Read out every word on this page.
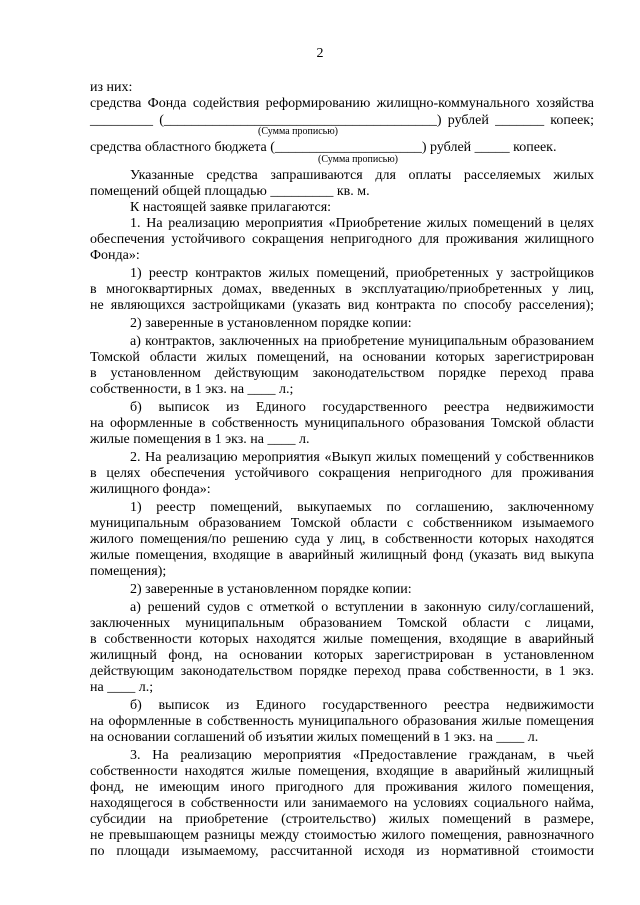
2
из них:
средства Фонда содействия реформированию жилищно-коммунального хозяйства
_________ (_______________________________________) рублей _______ копеек;
(Сумма прописью)
средства областного бюджета (_____________________) рублей _____ копеек.
(Сумма прописью)
Указанные средства запрашиваются для оплаты расселяемых жилых
помещений общей площадью _________ кв. м.
К настоящей заявке прилагаются:
1. На реализацию мероприятия «Приобретение жилых помещений в целях
обеспечения устойчивого сокращения непригодного для проживания жилищного
Фонда»:
1) реестр контрактов жилых помещений, приобретенных у застройщиков
в многоквартирных домах, введенных в эксплуатацию/приобретенных у лиц,
не являющихся застройщиками (указать вид контракта по способу расселения);
2) заверенные в установленном порядке копии:
а) контрактов, заключенных на приобретение муниципальным образованием
Томской области жилых помещений, на основании которых зарегистрирован
в установленном действующим законодательством порядке переход права
собственности, в 1 экз. на ____ л.;
б) выписок из Единого государственного реестра недвижимости
на оформленные в собственность муниципального образования Томской области
жилые помещения в 1 экз. на ____ л.
2. На реализацию мероприятия «Выкуп жилых помещений у собственников
в целях обеспечения устойчивого сокращения непригодного для проживания
жилищного фонда»:
1) реестр помещений, выкупаемых по соглашению, заключенному
муниципальным образованием Томской области с собственником изымаемого
жилого помещения/по решению суда у лиц, в собственности которых находятся
жилые помещения, входящие в аварийный жилищный фонд (указать вид выкупа
помещения);
2) заверенные в установленном порядке копии:
а) решений судов с отметкой о вступлении в законную силу/соглашений,
заключенных муниципальным образованием Томской области с лицами,
в собственности которых находятся жилые помещения, входящие в аварийный
жилищный фонд, на основании которых зарегистрирован в установленном
действующим законодательством порядке переход права собственности, в 1 экз.
на ____ л.;
б) выписок из Единого государственного реестра недвижимости
на оформленные в собственность муниципального образования жилые помещения
на основании соглашений об изъятии жилых помещений в 1 экз. на ____ л.
3. На реализацию мероприятия «Предоставление гражданам, в чьей
собственности находятся жилые помещения, входящие в аварийный жилищный
фонд, не имеющим иного пригодного для проживания жилого помещения,
находящегося в собственности или занимаемого на условиях социального найма,
субсидии на приобретение (строительство) жилых помещений в размере,
не превышающем разницы между стоимостью жилого помещения, равнозначного
по площади изымаемому, рассчитанной исходя из нормативной стоимости
